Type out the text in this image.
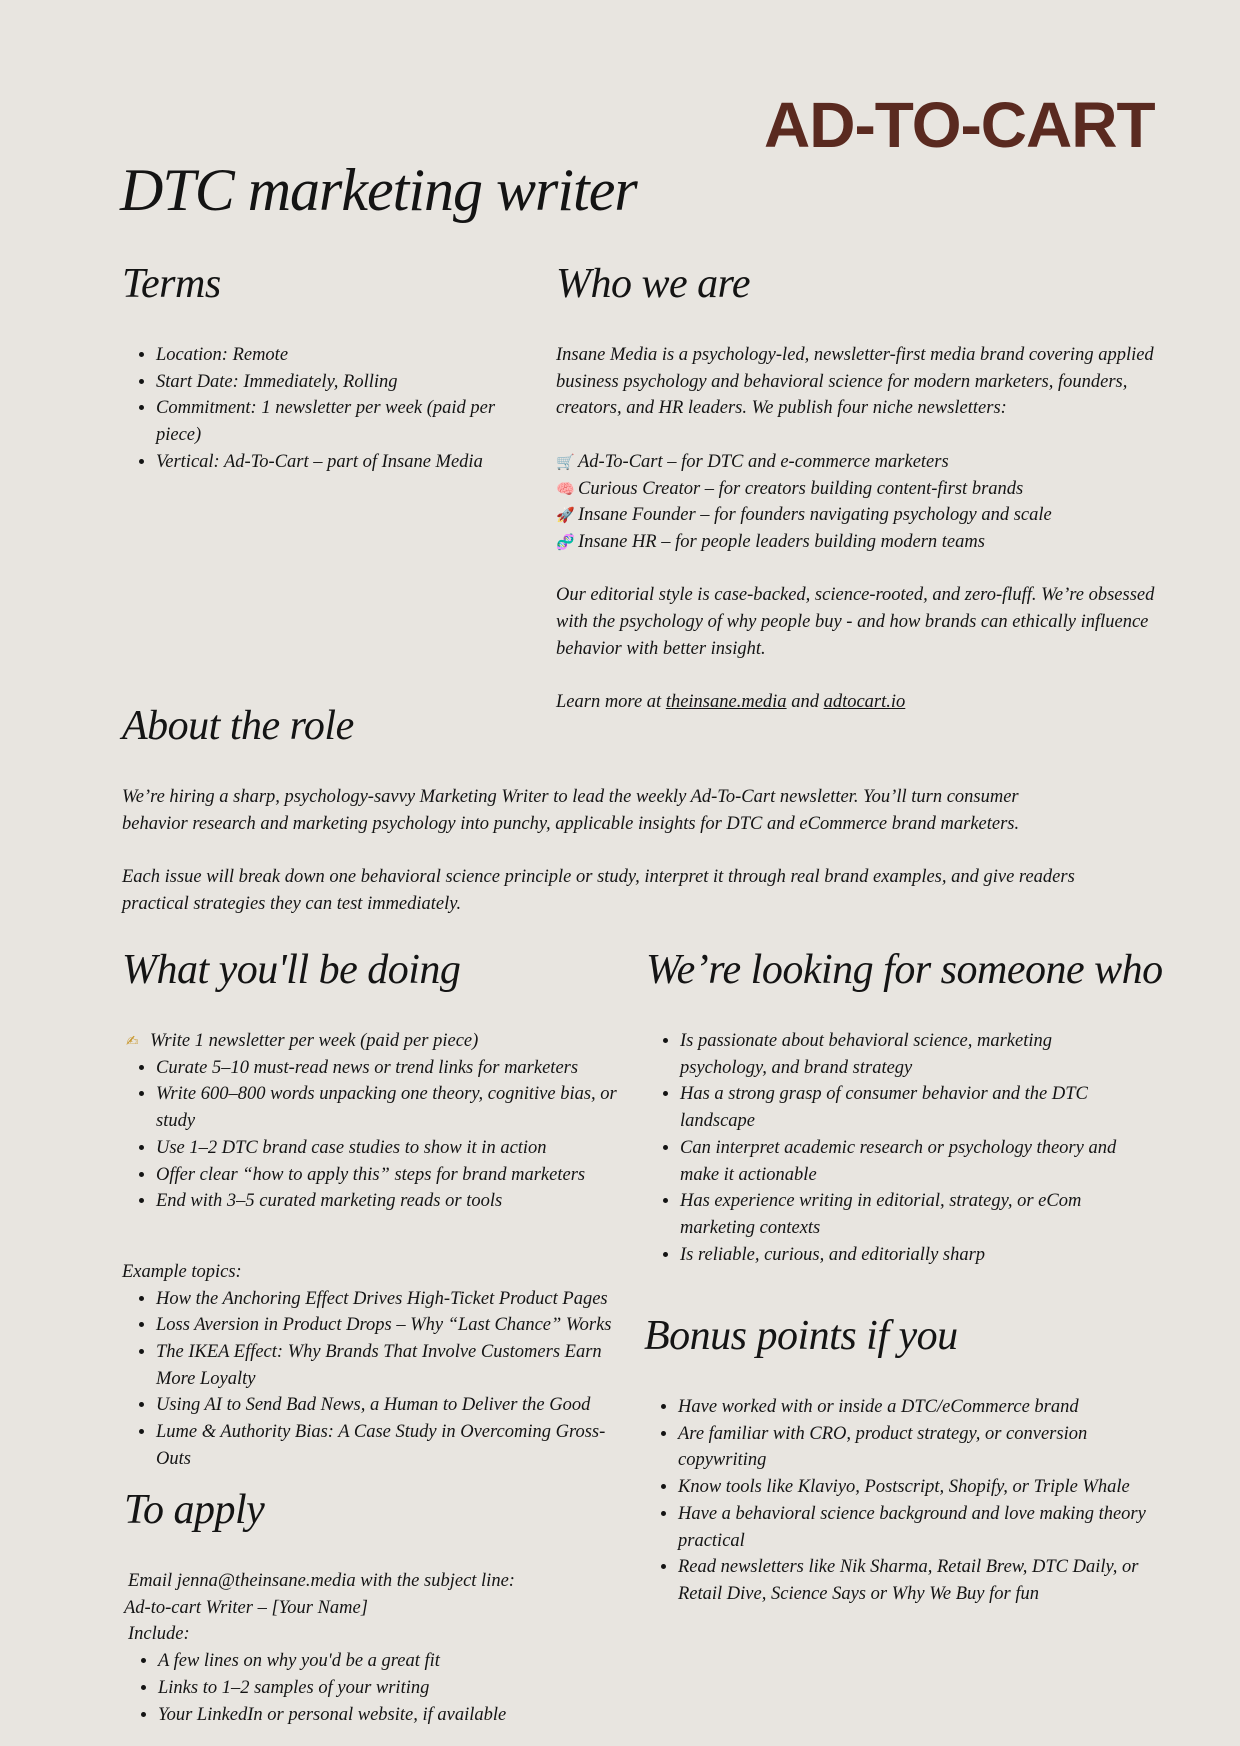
AD-TO-CART
DTC marketing writer
Terms
• Location: Remote
• Start Date: Immediately, Rolling
• Commitment: 1 newsletter per week (paid per piece)
• Vertical: Ad-To-Cart – part of Insane Media
Who we are

Insane Media is a psychology-led, newsletter-first media brand covering applied business psychology and behavioral science for modern marketers, founders, creators, and HR leaders. We publish four niche newsletters:

🛒 Ad-To-Cart – for DTC and e-commerce marketers
🧠 Curious Creator – for creators building content-first brands
🚀 Insane Founder – for founders navigating psychology and scale
🧬 Insane HR – for people leaders building modern teams

Our editorial style is case-backed, science-rooted, and zero-fluff. We’re obsessed with the psychology of why people buy - and how brands can ethically influence behavior with better insight.

Learn more at theinsane.media and adtocart.io

About the role

We’re hiring a sharp, psychology-savvy Marketing Writer to lead the weekly Ad-To-Cart newsletter. You’ll turn consumer behavior research and marketing psychology into punchy, applicable insights for DTC and eCommerce brand marketers.

Each issue will break down one behavioral science principle or study, interpret it through real brand examples, and give readers practical strategies they can test immediately.

What you'll be doing
✍ Write 1 newsletter per week (paid per piece)
• Curate 5–10 must-read news or trend links for marketers
• Write 600–800 words unpacking one theory, cognitive bias, or study
• Use 1–2 DTC brand case studies to show it in action
• Offer clear “how to apply this” steps for brand marketers
• End with 3–5 curated marketing reads or tools

Example topics:

• How the Anchoring Effect Drives High-Ticket Product Pages
• Loss Aversion in Product Drops – Why “Last Chance” Works
• The IKEA Effect: Why Brands That Involve Customers Earn More Loyalty
• Using AI to Send Bad News, a Human to Deliver the Good
• Lume & Authority Bias: A Case Study in Overcoming Gross-Outs
We’re looking for someone who
• Is passionate about behavioral science, marketing psychology, and brand strategy
• Has a strong grasp of consumer behavior and the DTC landscape
• Can interpret academic research or psychology theory and make it actionable
• Has experience writing in editorial, strategy, or eCom marketing contexts
• Is reliable, curious, and editorially sharp
Bonus points if you
• Have worked with or inside a DTC/eCommerce brand
• Are familiar with CRO, product strategy, or conversion copywriting
• Know tools like Klaviyo, Postscript, Shopify, or Triple Whale
• Have a behavioral science background and love making theory practical
• Read newsletters like Nik Sharma, Retail Brew, DTC Daily, or Retail Dive, Science Says or Why We Buy for fun
To apply

Email jenna@theinsane.media with the subject line:

Ad-to-cart Writer – [Your Name]

Include:

• A few lines on why you'd be a great fit
• Links to 1–2 samples of your writing
• Your LinkedIn or personal website, if available
